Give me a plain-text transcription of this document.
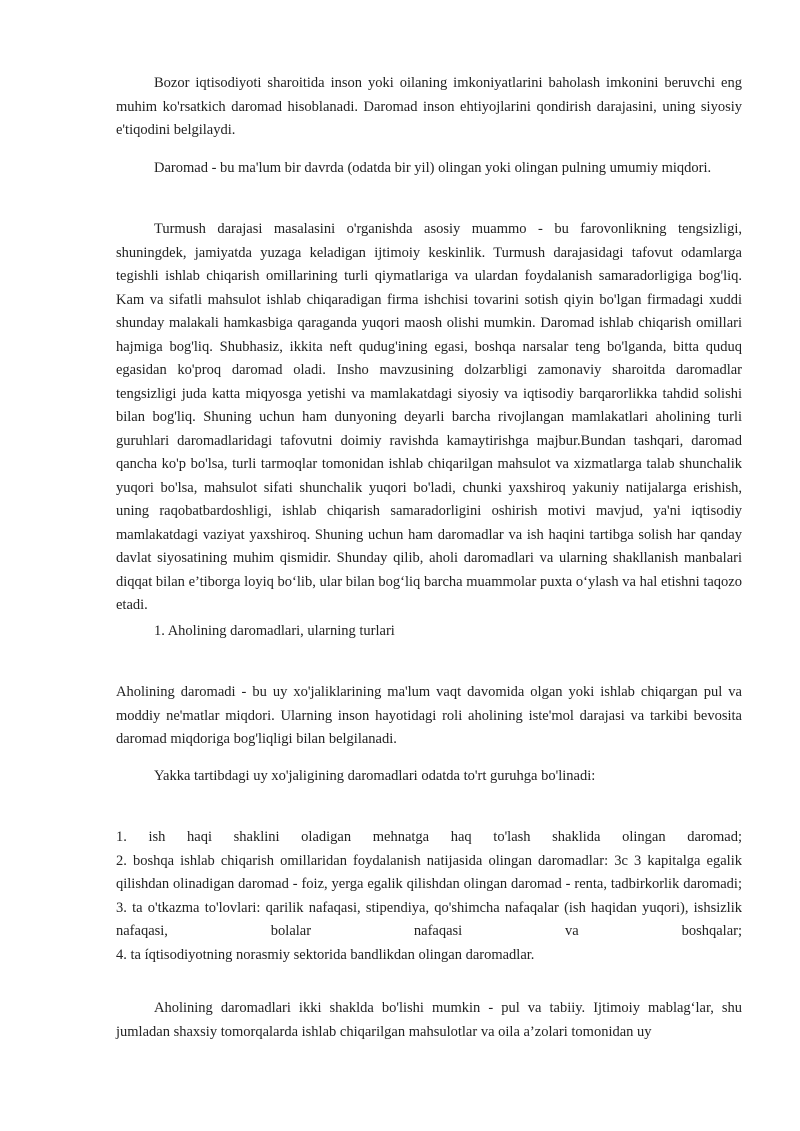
Bozor iqtisodiyoti sharoitida inson yoki oilaning imkoniyatlarini baholash imkonini beruvchi eng muhim ko'rsatkich daromad hisoblanadi. Daromad inson ehtiyojlarini qondirish darajasini, uning siyosiy e'tiqodini belgilaydi.

Daromad - bu ma'lum bir davrda (odatda bir yil) olingan yoki olingan pulning umumiy miqdori.

Turmush darajasi masalasini o'rganishda asosiy muammo - bu farovonlikning tengsizligi, shuningdek, jamiyatda yuzaga keladigan ijtimoiy keskinlik. Turmush darajasidagi tafovut odamlarga tegishli ishlab chiqarish omillarining turli qiymatlariga va ulardan foydalanish samaradorligiga bog'liq. Kam va sifatli mahsulot ishlab chiqaradigan firma ishchisi tovarini sotish qiyin bo'lgan firmadagi xuddi shunday malakali hamkasbiga qaraganda yuqori maosh olishi mumkin. Daromad ishlab chiqarish omillari hajmiga bog'liq. Shubhasiz, ikkita neft qudug'ining egasi, boshqa narsalar teng bo'lganda, bitta quduq egasidan ko'proq daromad oladi. Insho mavzusining dolzarbligi zamonaviy sharoitda daromadlar tengsizligi juda katta miqyosga yetishi va mamlakatdagi siyosiy va iqtisodiy barqarorlikka tahdid solishi bilan bog'liq. Shuning uchun ham dunyoning deyarli barcha rivojlangan mamlakatlari aholining turli guruhlari daromadlaridagi tafovutni doimiy ravishda kamaytirishga majbur.Bundan tashqari, daromad qancha ko'p bo'lsa, turli tarmoqlar tomonidan ishlab chiqarilgan mahsulot va xizmatlarga talab shunchalik yuqori bo'lsa, mahsulot sifati shunchalik yuqori bo'ladi, chunki yaxshiroq yakuniy natijalarga erishish, uning raqobatbardoshligi, ishlab chiqarish samaradorligini oshirish motivi mavjud, ya'ni iqtisodiy mamlakatdagi vaziyat yaxshiroq. Shuning uchun ham daromadlar va ish haqini tartibga solish har qanday davlat siyosatining muhim qismidir. Shunday qilib, aholi daromadlari va ularning shakllanish manbalari diqqat bilan e’tiborga loyiq bo‘lib, ular bilan bog‘liq barcha muammolar puxta o‘ylash va hal etishni taqozo etadi.

1. Aholining daromadlari, ularning turlari

Aholining daromadi - bu uy xo'jaliklarining ma'lum vaqt davomida olgan yoki ishlab chiqargan pul va moddiy ne'matlar miqdori. Ularning inson hayotidagi roli aholining iste'mol darajasi va tarkibi bevosita daromad miqdoriga bog'liqligi bilan belgilanadi.

Yakka tartibdagi uy xo'jaligining daromadlari odatda to'rt guruhga bo'linadi:

1. ish haqi shaklini oladigan mehnatga haq to'lash shaklida olingan daromad;
2. boshqa ishlab chiqarish omillaridan foydalanish natijasida olingan daromadlar: 3c 3 kapitalga egalik qilishdan olinadigan daromad - foiz, yerga egalik qilishdan olingan daromad - renta, tadbirkorlik daromadi;
3. ta o'tkazma to'lovlari: qarilik nafaqasi, stipendiya, qo'shimcha nafaqalar (ish haqidan yuqori), ishsizlik nafaqasi, bolalar nafaqasi va boshqalar;
4. ta íqtisodiyotning norasmiy sektorida bandlikdan olingan daromadlar.

Aholining daromadlari ikki shaklda bo'lishi mumkin - pul va tabiiy. Ijtimoiy mablag‘lar, shu jumladan shaxsiy tomorqalarda ishlab chiqarilgan mahsulotlar va oila a’zolari tomonidan uy
